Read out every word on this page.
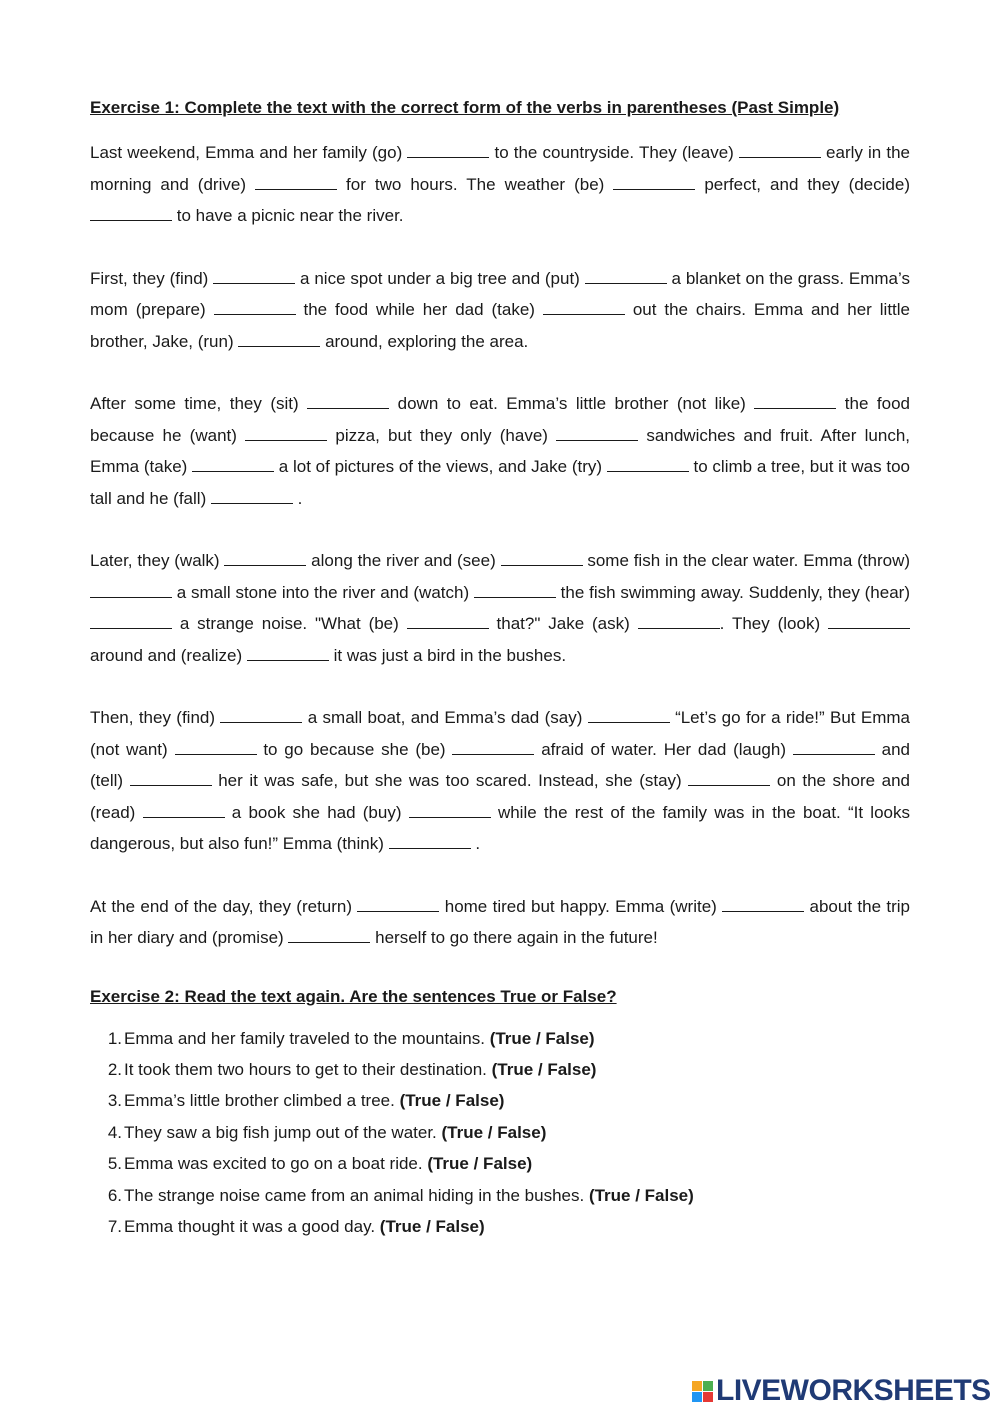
Exercise 1: Complete the text with the correct form of the verbs in parentheses (Past Simple)

Last weekend, Emma and her family (go)	to the countryside. They (leave)	early in the morning and (drive)	for two hours. The weather (be)	perfect, and they (decide)  to have a picnic near the river.

First, they (find)	a nice spot under a big tree and (put)	a blanket on the grass. Emma’s mom (prepare)	the food while her dad (take)	out the chairs. Emma and her little brother, Jake, (run)	around, exploring the area.

After some time, they (sit)	down to eat. Emma’s little brother (not like)	the food because he (want)	pizza, but they only (have)	sandwiches and fruit. After lunch, Emma (take)	a lot of pictures of the views, and Jake (try)	to climb a tree, but it was too tall and he (fall)	.

Later, they (walk)	along the river and (see)	some fish in the clear water. Emma (throw)  a small stone into the river and (watch)	the fish swimming away. Suddenly, they (hear)  a strange noise. "What (be)	that?" Jake (ask)	. They (look)  around and (realize)	it was just a bird in the bushes.

Then, they (find)	a small boat, and Emma’s dad (say)	“Let’s go for a ride!” But Emma (not want)	to go because she (be)	afraid of water. Her dad (laugh)	and (tell)	her it was safe, but she was too scared. Instead, she (stay)	on the shore and (read)	a book she had (buy)	while the rest of the family was in the boat. “It looks dangerous, but also fun!” Emma (think)	.

At the end of the day, they (return)	home tired but happy. Emma (write)	about the trip in her diary and (promise)	herself to go there again in the future!

Exercise 2: Read the text again. Are the sentences True or False?
1. Emma and her family traveled to the mountains. (True / False)
2. It took them two hours to get to their destination. (True / False)
3. Emma’s little brother climbed a tree. (True / False)
4. They saw a big fish jump out of the water. (True / False)
5. Emma was excited to go on a boat ride. (True / False)
6. The strange noise came from an animal hiding in the bushes. (True / False)
7. Emma thought it was a good day. (True / False)
LIVEWORKSHEETS
